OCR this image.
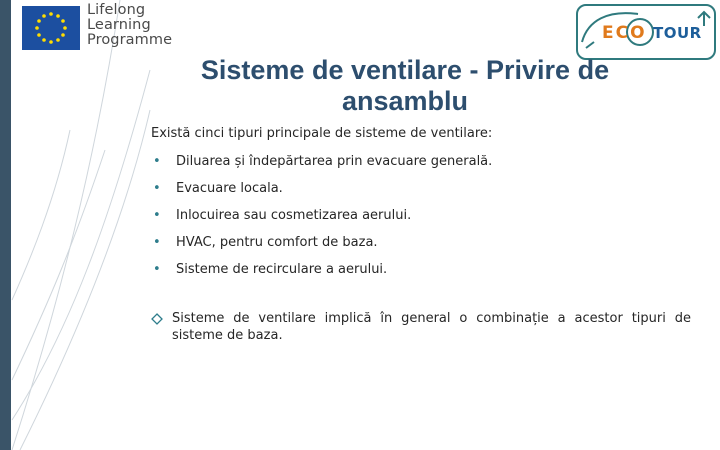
Lifelong
Learning
Programme	ECO TOUR
Sisteme de ventilare - Privire de ansamblu
Există cinci tipuri principale de sisteme de ventilare:
• Diluarea și îndepărtarea prin evacuare generală.
• Evacuare locala.
• Inlocuirea sau cosmetizarea aerului.
• HVAC, pentru comfort de baza.
• Sisteme de recirculare a aerului.
Sisteme de ventilare implică în general o combinație a acestor tipuri de sisteme de baza.
